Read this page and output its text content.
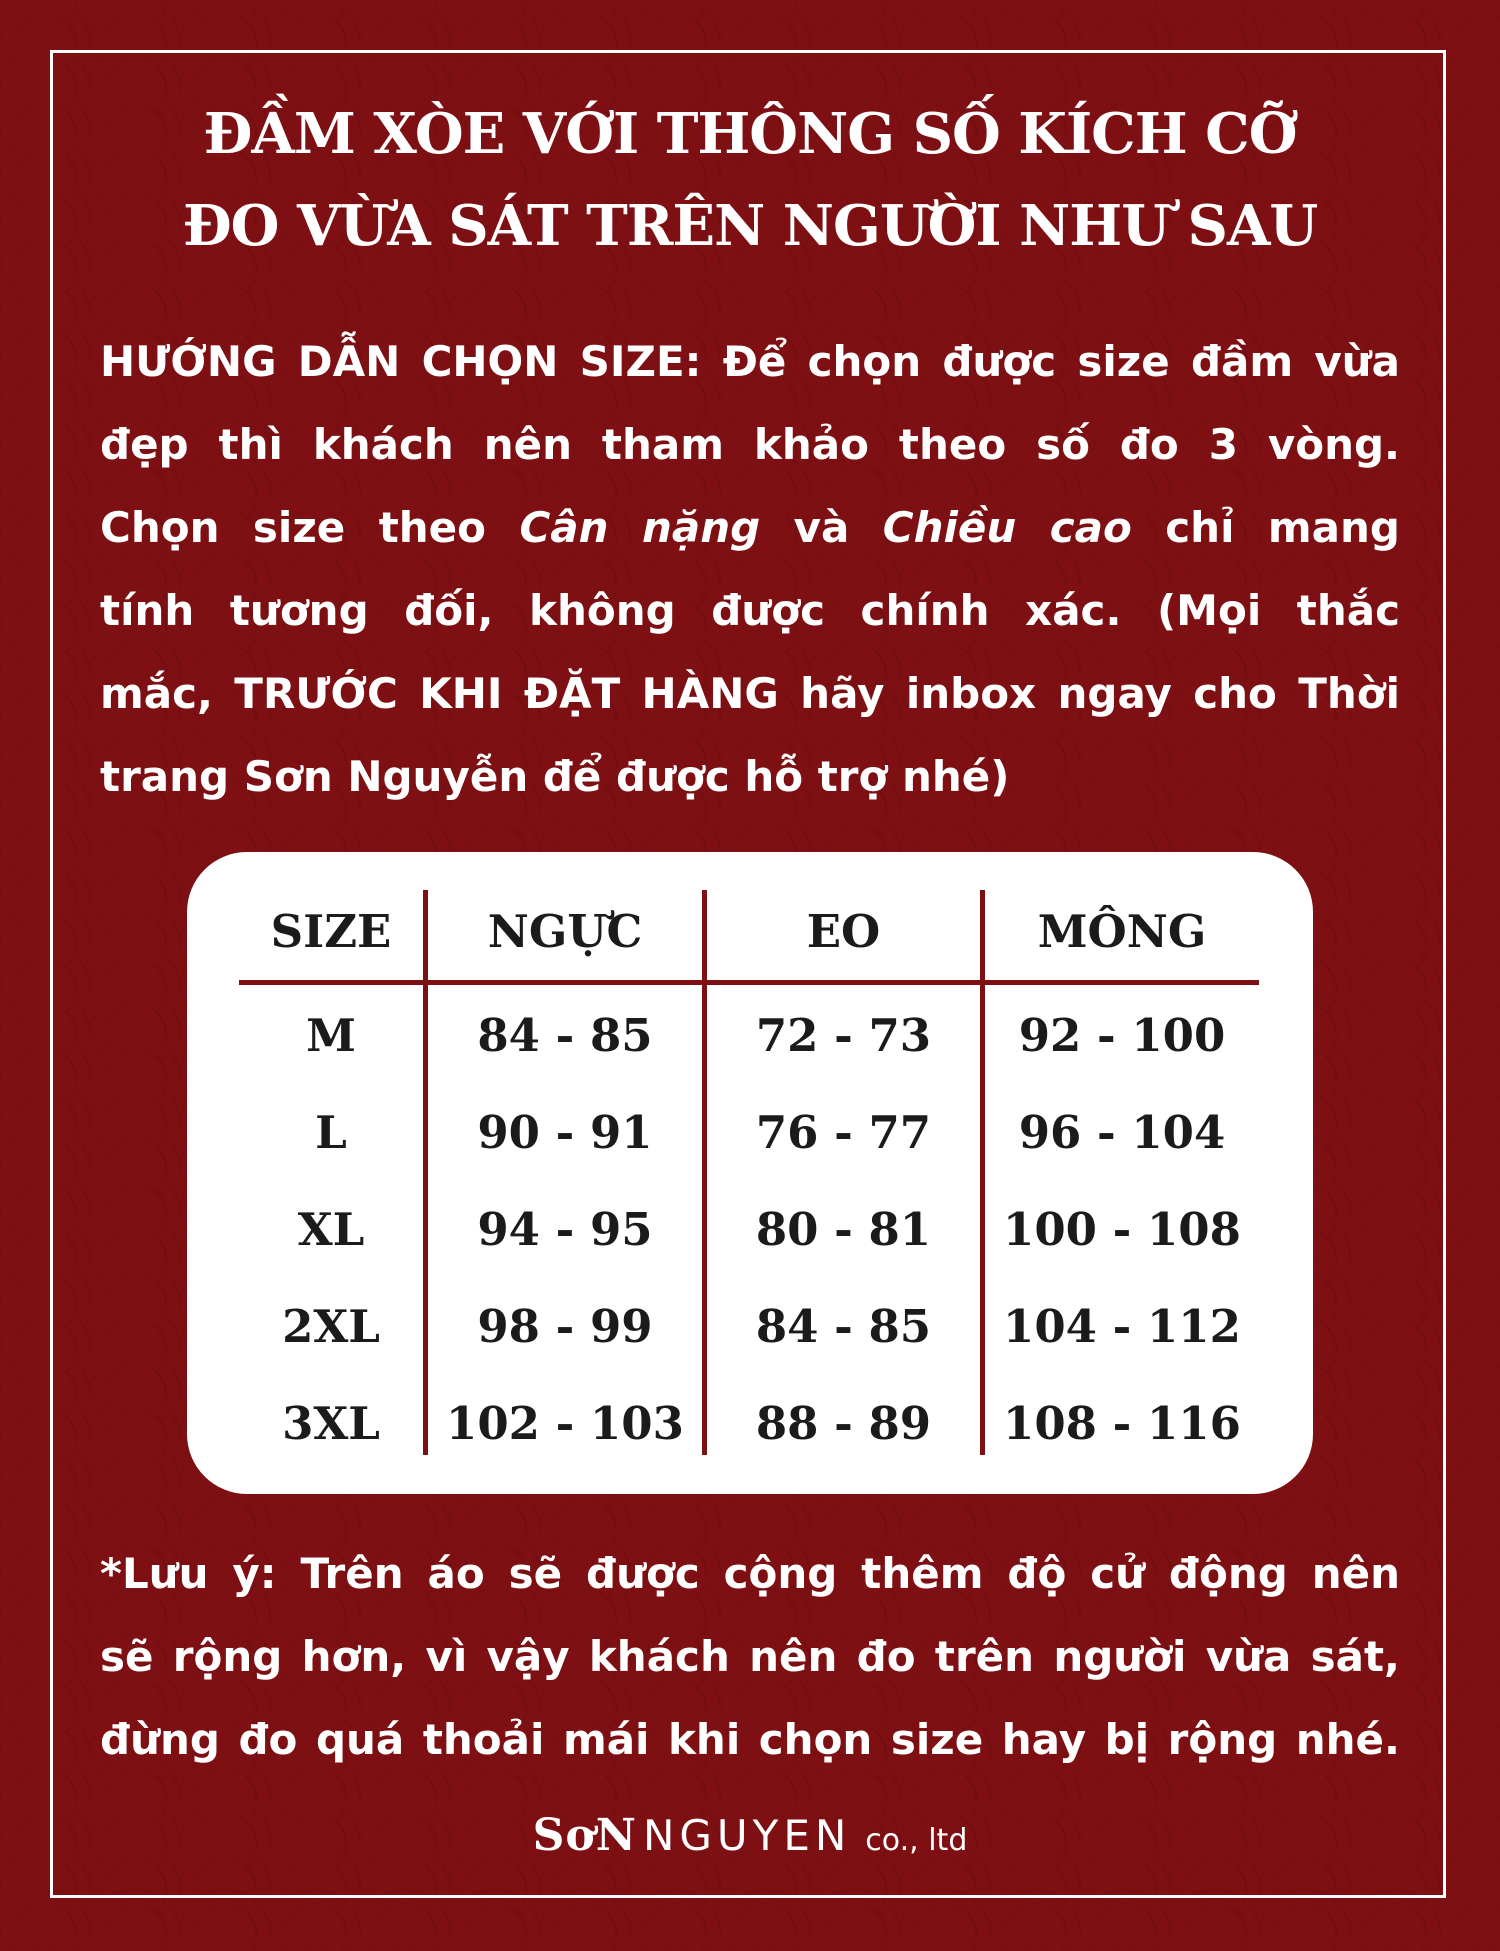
ĐẦM XÒE VỚI THÔNG SỐ KÍCH CỠ
ĐO VỪA SÁT TRÊN NGƯỜI NHƯ SAU
HƯỚNG DẪN CHỌN SIZE: Để chọn được size đầm vừa
đẹp thì khách nên tham khảo theo số đo 3 vòng.
Chọn size theo Cân nặng và Chiều cao chỉ mang
tính tương đối, không được chính xác. (Mọi thắc
mắc, TRƯỚC KHI ĐẶT HÀNG hãy inbox ngay cho Thời
trang Sơn Nguyễn để được hỗ trợ nhé)
SIZE	NGỰC	EO	MÔNG
M	84 - 85	72 - 73	92 - 100
L	90 - 91	76 - 77	96 - 104
XL	94 - 95	80 - 81	100 - 108
2XL	98 - 99	84 - 85	104 - 112
3XL	102 - 103	88 - 89	108 - 116
*Lưu ý: Trên áo sẽ được cộng thêm độ cử động nên
sẽ rộng hơn, vì vậy khách nên đo trên người vừa sát,
đừng đo quá thoải mái khi chọn size hay bị rộng nhé.
SơN NGUYEN co., ltd
